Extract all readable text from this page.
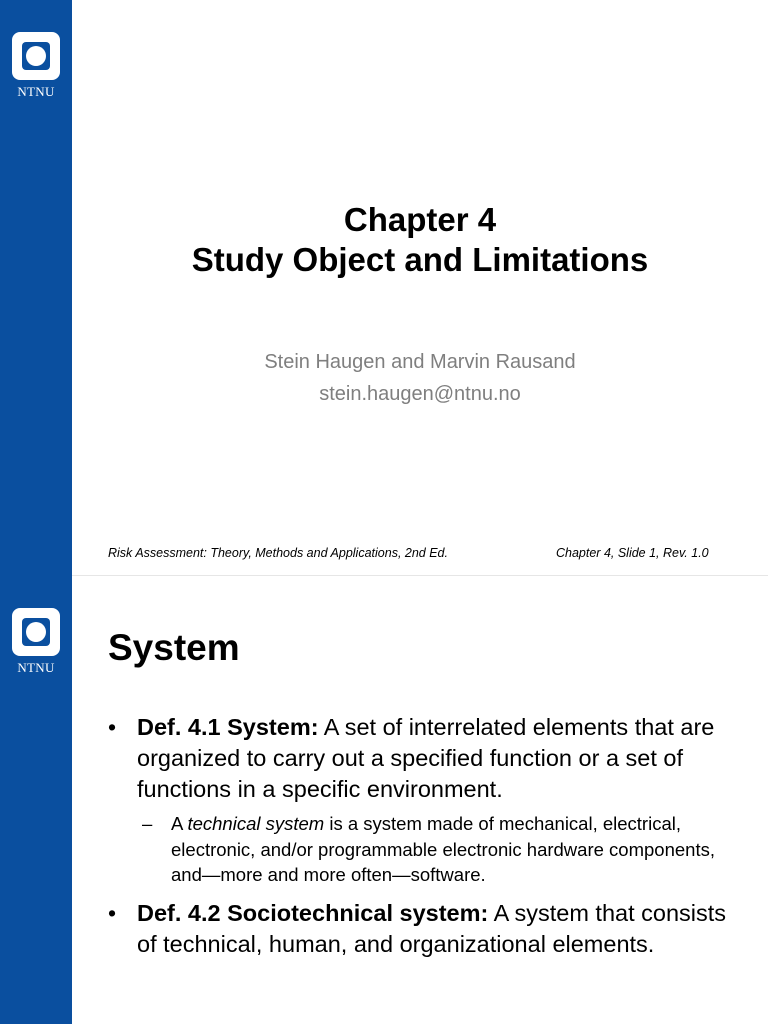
NTNU
Chapter 4
Study Object and Limitations
Stein Haugen and Marvin Rausand
stein.haugen@ntnu.no
Risk Assessment: Theory, Methods and Applications, 2nd Ed.	Chapter 4, Slide 1, Rev. 1.0
NTNU System
• Def. 4.1 System: A set of interrelated elements that are organized to carry out a specified function or a set of functions in a specific environment.
–	A technical system is a system made of mechanical, electrical, electronic, and/or programmable electronic hardware components, and—more and more often—software.
• Def. 4.2 Sociotechnical system: A system that consists of technical, human, and organizational elements.
